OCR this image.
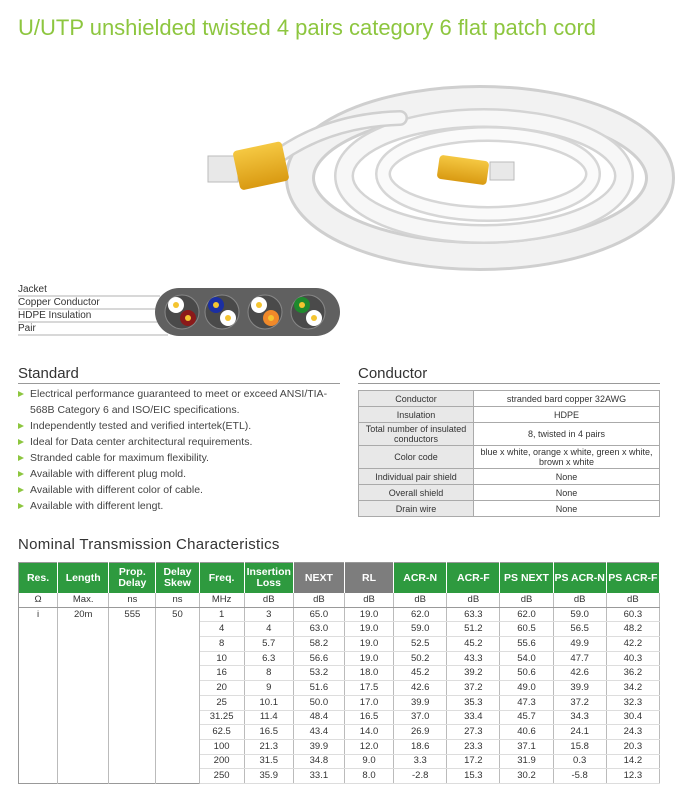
U/UTP unshielded twisted 4 pairs category 6 flat patch cord
Jacket
Copper Conductor
HDPE Insulation
Pair
Standard
Electrical performance guaranteed to meet or exceed ANSI/TIA-568B Category 6 and ISO/EIC specifications.
Independently tested and verified intertek(ETL).
Ideal for Data center architectural requirements.
Stranded cable for maximum flexibility.
Available with different plug mold.
Available with different color of cable.
Available with different lengt.
Conductor
Conductor	stranded bard copper 32AWG
Insulation	HDPE
Total number of insulated conductors	8, twisted in 4 pairs
Color code	blue x white, orange x white, green x white, brown x white
Individual pair shield	None
Overall shield	None
Drain wire	None
Nominal Transmission Characteristics
Res.	Length	Prop. Delay	Delay Skew	Freq.	Insertion Loss	NEXT	RL	ACR-N	ACR-F	PS NEXT	PS ACR-N	PS ACR-F
Ω	Max.	ns	ns	MHz	dB	dB	dB	dB	dB	dB	dB	dB
i	20m	555	50	1	3	65.0	19.0	62.0	63.3	62.0	59.0	60.3
				4	4	63.0	19.0	59.0	51.2	60.5	56.5	48.2
				8	5.7	58.2	19.0	52.5	45.2	55.6	49.9	42.2
				10	6.3	56.6	19.0	50.2	43.3	54.0	47.7	40.3
				16	8	53.2	18.0	45.2	39.2	50.6	42.6	36.2
				20	9	51.6	17.5	42.6	37.2	49.0	39.9	34.2
				25	10.1	50.0	17.0	39.9	35.3	47.3	37.2	32.3
				31.25	11.4	48.4	16.5	37.0	33.4	45.7	34.3	30.4
				62.5	16.5	43.4	14.0	26.9	27.3	40.6	24.1	24.3
				100	21.3	39.9	12.0	18.6	23.3	37.1	15.8	20.3
				200	31.5	34.8	9.0	3.3	17.2	31.9	0.3	14.2
				250	35.9	33.1	8.0	-2.8	15.3	30.2	-5.8	12.3
